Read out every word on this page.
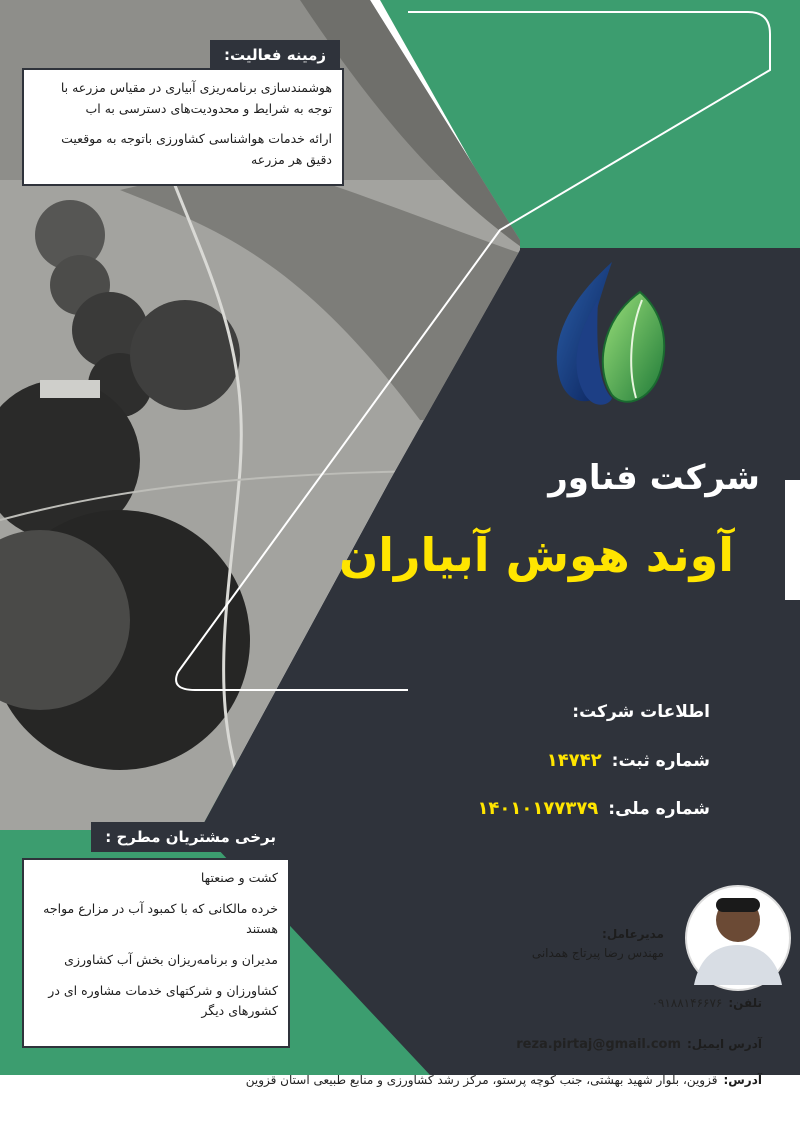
زمینه فعالیت:

هوشمندسازی برنامه‌ریزی آبیاری در مقیاس مزرعه با توجه به شرایط و محدودیت‌های دسترسی به اب

ارائه خدمات هواشناسی کشاورزی باتوجه به موقعیت دقیق هر مزرعه

شرکت فناور
آوند هوش آبیاران
اطلاعات شرکت:
شماره ثبت:۱۴۷۴۲
شماره ملی:۱۴۰۱۰۱۷۷۳۷۹
برخی مشتریان مطرح :

کشت و صنعتها

خرده مالکانی که با کمبود آب در مزارع مواجه هستند

مدیران و برنامه‌ریزان بخش آب کشاورزی

کشاورزان و شرکتهای خدمات مشاوره ای در کشورهای دیگر

مدیرعامل:
مهندس رضا پیرتاج همدانی
تلفن:۰۹۱۸۸۱۴۶۶۷۶
آدرس ایمیل:reza.pirtaj@gmail.com
آدرس:قزوین، بلوار شهید بهشتی، جنب کوچه پرستو، مرکز رشد کشاورزی و منابع طبیعی استان قزوین
